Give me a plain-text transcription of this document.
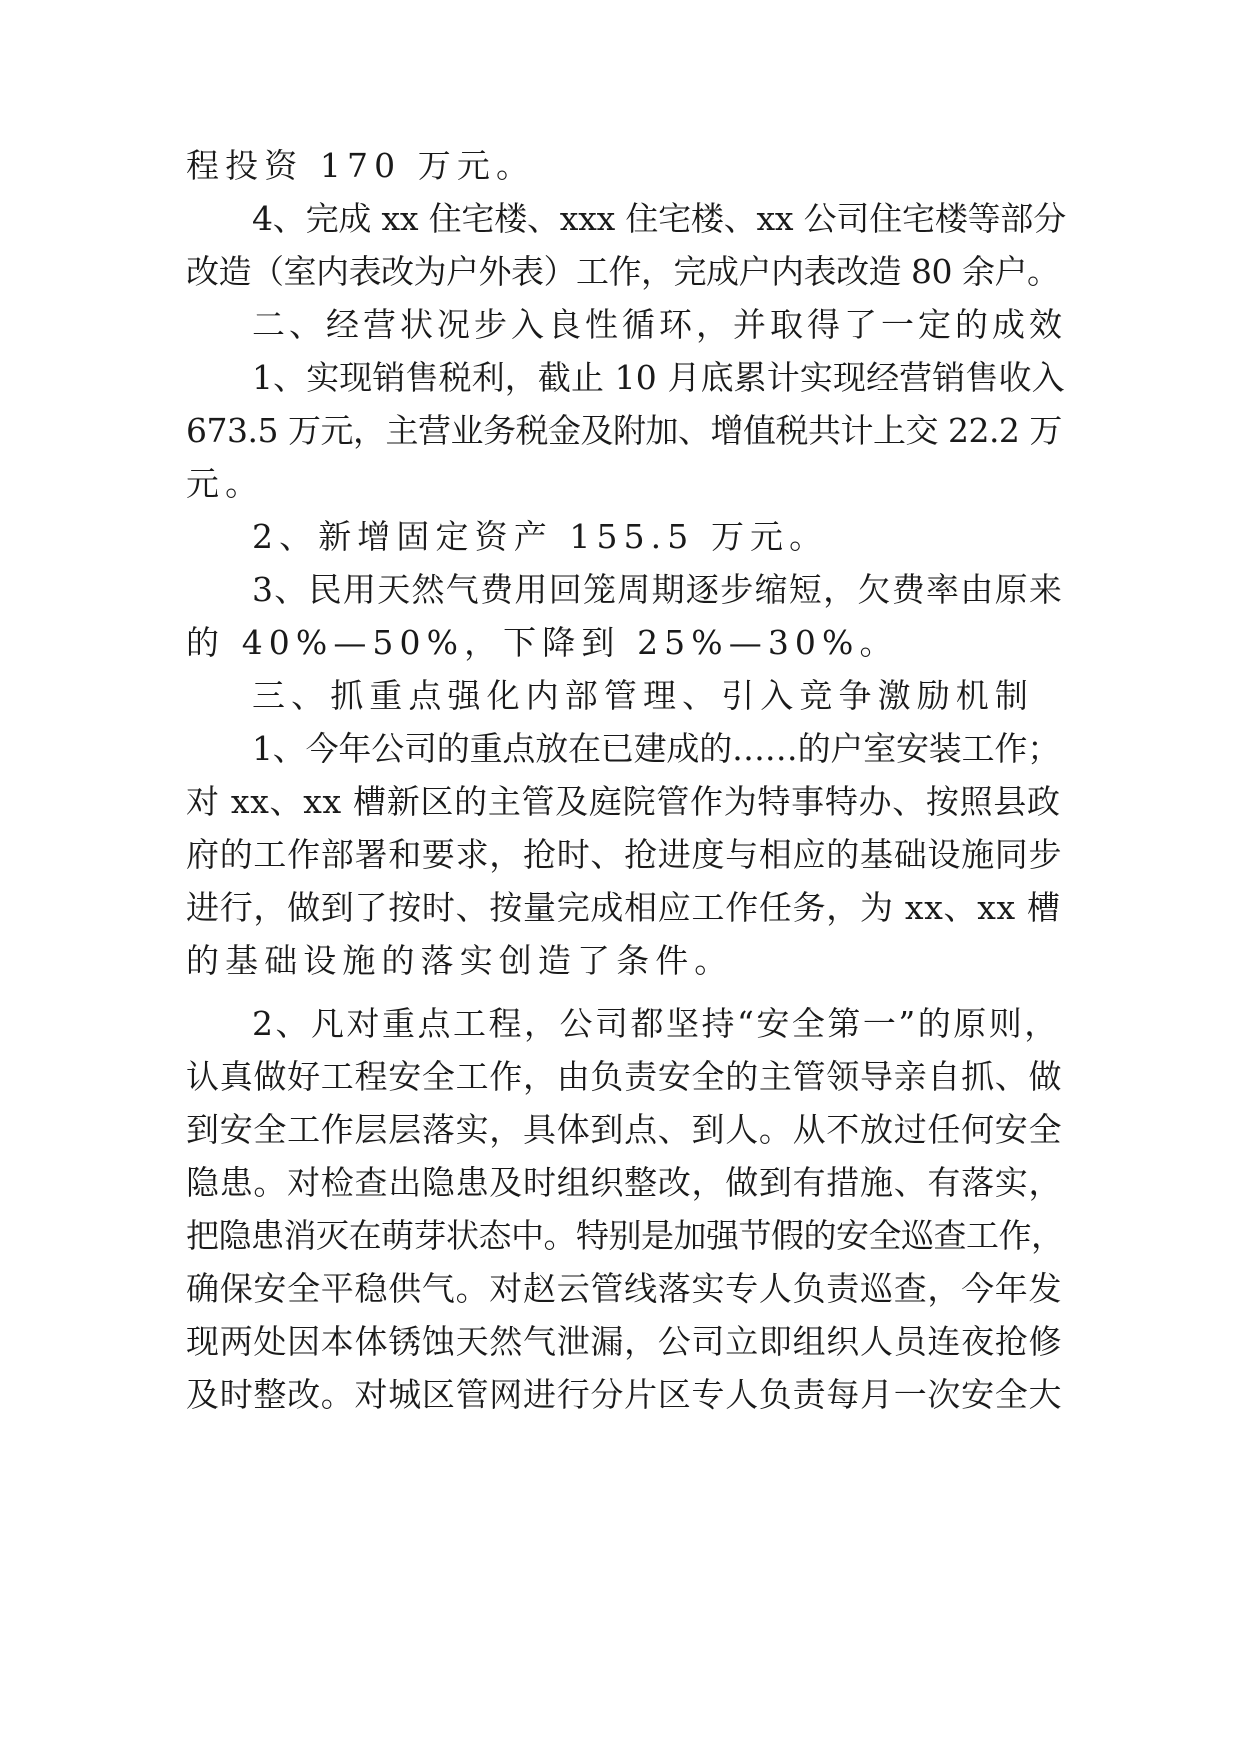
程投资 170 万元。
4、完成 xx 住宅楼、xxx 住宅楼、xx 公司住宅楼等部分
改造（室内表改为户外表）工作，完成户内表改造 80 余户。
二、经营状况步入良性循环，并取得了一定的成效
1、实现销售税利，截止 10 月底累计实现经营销售收入
673.5 万元，主营业务税金及附加、增值税共计上交 22.2 万
元。
2、新增固定资产 155.5 万元。
3、民用天然气费用回笼周期逐步缩短，欠费率由原来
的 40%—50%，下降到 25%—30%。
三、抓重点强化内部管理、引入竞争激励机制
1、今年公司的重点放在已建成的……的户室安装工作；
对 xx、xx 槽新区的主管及庭院管作为特事特办、按照县政
府的工作部署和要求，抢时、抢进度与相应的基础设施同步
进行，做到了按时、按量完成相应工作任务，为 xx、xx 槽
的基础设施的落实创造了条件。
2、凡对重点工程，公司都坚持“安全第一”的原则，
认真做好工程安全工作，由负责安全的主管领导亲自抓、做
到安全工作层层落实，具体到点、到人。从不放过任何安全
隐患。对检查出隐患及时组织整改，做到有措施、有落实，
把隐患消灭在萌芽状态中。特别是加强节假的安全巡查工作，
确保安全平稳供气。对赵云管线落实专人负责巡查，今年发
现两处因本体锈蚀天然气泄漏，公司立即组织人员连夜抢修
及时整改。对城区管网进行分片区专人负责每月一次安全大
